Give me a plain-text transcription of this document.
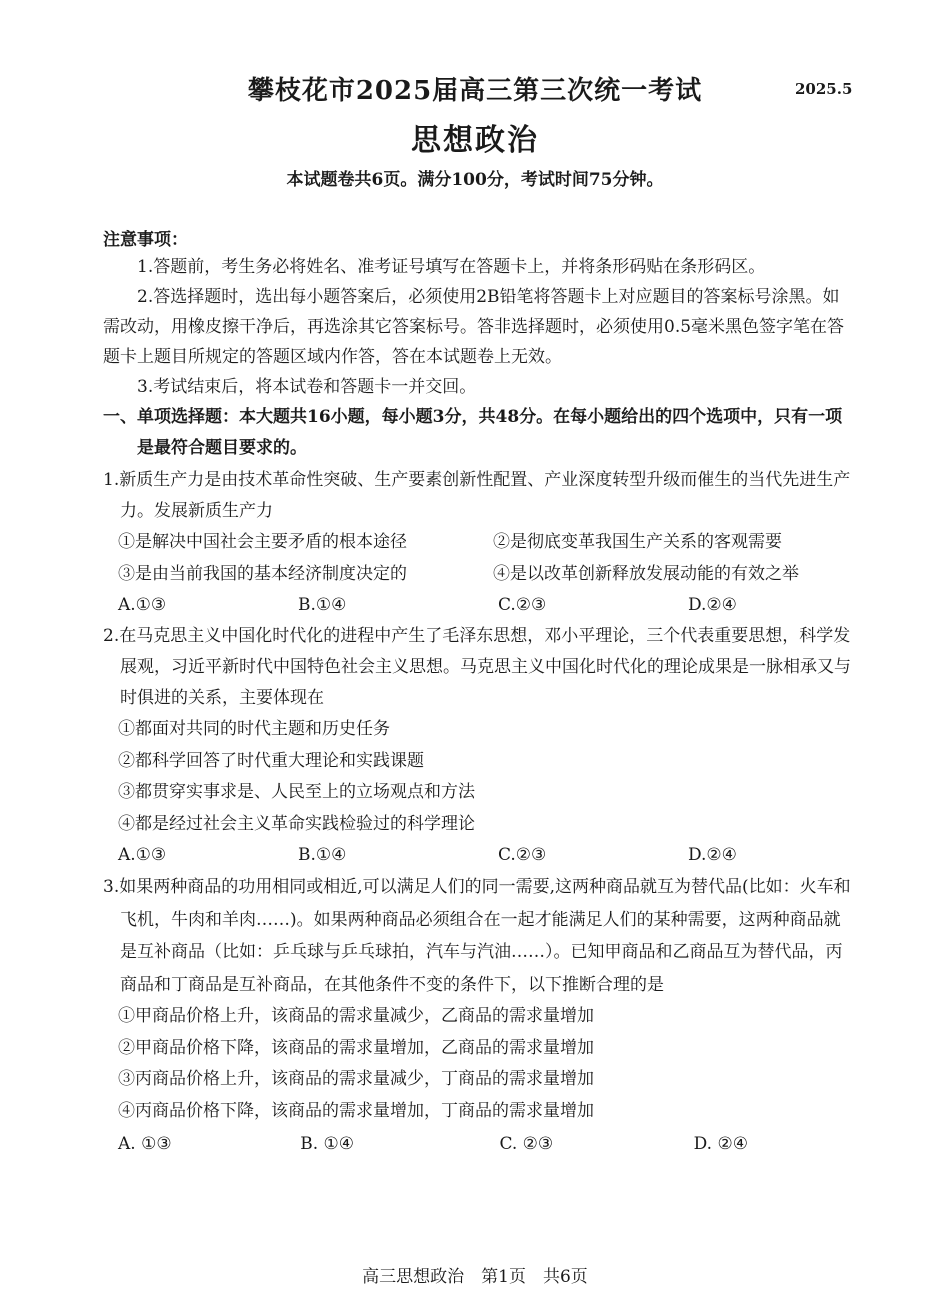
攀枝花市2025届高三第三次统一考试	2025.5
思想政治
本试题卷共6页。满分100分，考试时间75分钟。
注意事项：

1.答题前，考生务必将姓名、准考证号填写在答题卡上，并将条形码贴在条形码区。

2.答选择题时，选出每小题答案后，必须使用2B铅笔将答题卡上对应题目的答案标号涂黑。如需改动，用橡皮擦干净后，再选涂其它答案标号。答非选择题时，必须使用0.5毫米黑色签字笔在答题卡上题目所规定的答题区域内作答，答在本试题卷上无效。

3.考试结束后，将本试卷和答题卡一并交回。

一、单项选择题：本大题共16小题，每小题3分，共48分。在每小题给出的四个选项中，只有一项是最符合题目要求的。

1.新质生产力是由技术革命性突破、生产要素创新性配置、产业深度转型升级而催生的当代先进生产力。发展新质生产力

①是解决中国社会主要矛盾的根本途径	②是彻底变革我国生产关系的客观需要
③是由当前我国的基本经济制度决定的	④是以改革创新释放发展动能的有效之举
A.①③	B.①④	C.②③	D.②④

2.在马克思主义中国化时代化的进程中产生了毛泽东思想，邓小平理论，三个代表重要思想，科学发展观，习近平新时代中国特色社会主义思想。马克思主义中国化时代化的理论成果是一脉相承又与时俱进的关系，主要体现在

①都面对共同的时代主题和历史任务
②都科学回答了时代重大理论和实践课题
③都贯穿实事求是、人民至上的立场观点和方法
④都是经过社会主义革命实践检验过的科学理论
A.①③	B.①④	C.②③	D.②④

3.如果两种商品的功用相同或相近,可以满足人们的同一需要,这两种商品就互为替代品(比如：火车和飞机，牛肉和羊肉……)。如果两种商品必须组合在一起才能满足人们的某种需要，这两种商品就是互补商品（比如：乒乓球与乒乓球拍，汽车与汽油……）。已知甲商品和乙商品互为替代品，丙商品和丁商品是互补商品，在其他条件不变的条件下，以下推断合理的是

①甲商品价格上升，该商品的需求量减少，乙商品的需求量增加
②甲商品价格下降，该商品的需求量增加，乙商品的需求量增加
③丙商品价格上升，该商品的需求量减少，丁商品的需求量增加
④丙商品价格下降，该商品的需求量增加，丁商品的需求量增加
A. ①③	B. ①④	C. ②③	D. ②④
高三思想政治　第1页　共6页
